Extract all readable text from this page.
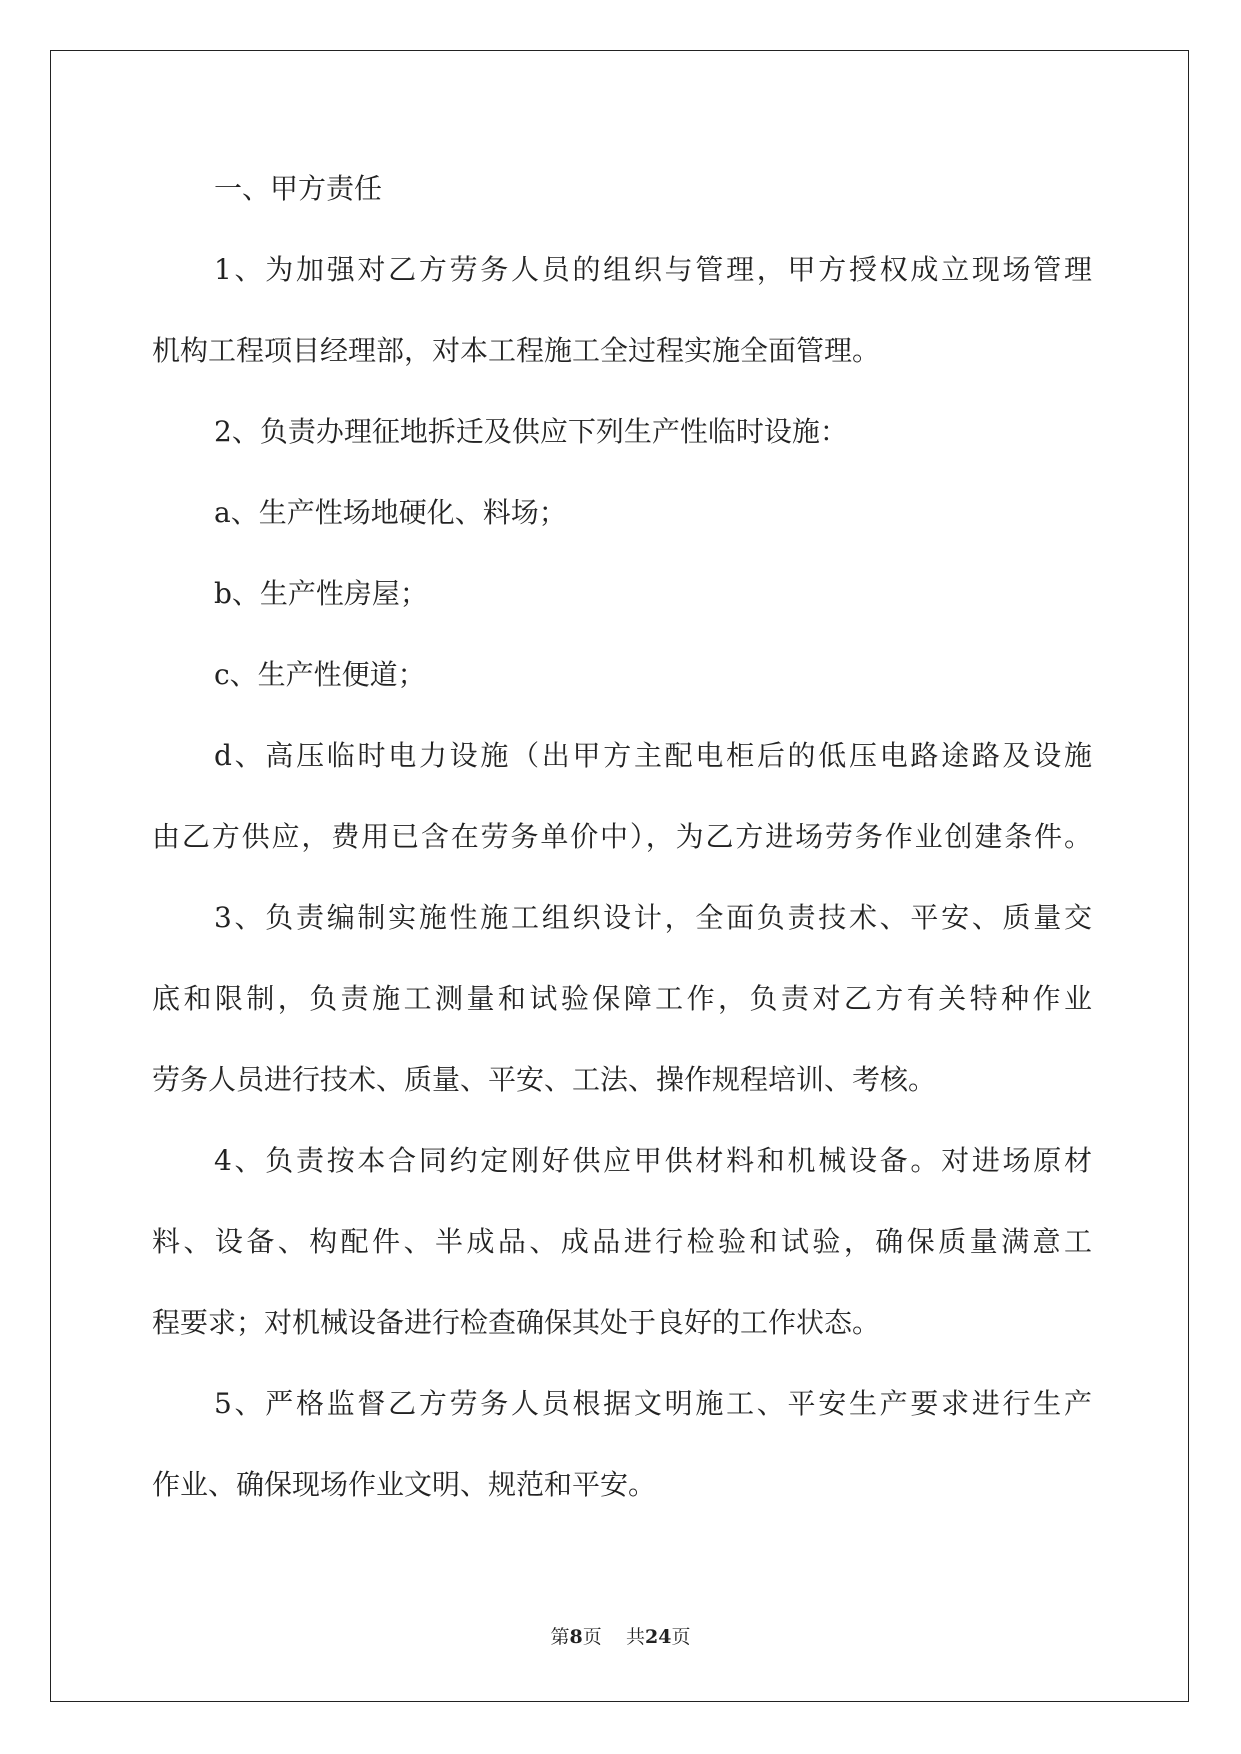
一、甲方责任
1、为加强对乙方劳务人员的组织与管理，甲方授权成立现场管理
机构工程项目经理部，对本工程施工全过程实施全面管理。
2、负责办理征地拆迁及供应下列生产性临时设施：
a、生产性场地硬化、料场；
b、生产性房屋；
c、生产性便道；
d、高压临时电力设施（出甲方主配电柜后的低压电路途路及设施
由乙方供应，费用已含在劳务单价中），为乙方进场劳务作业创建条件。
3、负责编制实施性施工组织设计，全面负责技术、平安、质量交
底和限制，负责施工测量和试验保障工作，负责对乙方有关特种作业
劳务人员进行技术、质量、平安、工法、操作规程培训、考核。
4、负责按本合同约定刚好供应甲供材料和机械设备。对进场原材
料、设备、构配件、半成品、成品进行检验和试验，确保质量满意工
程要求；对机械设备进行检查确保其处于良好的工作状态。
5、严格监督乙方劳务人员根据文明施工、平安生产要求进行生产
作业、确保现场作业文明、规范和平安。
第8页 共24页
